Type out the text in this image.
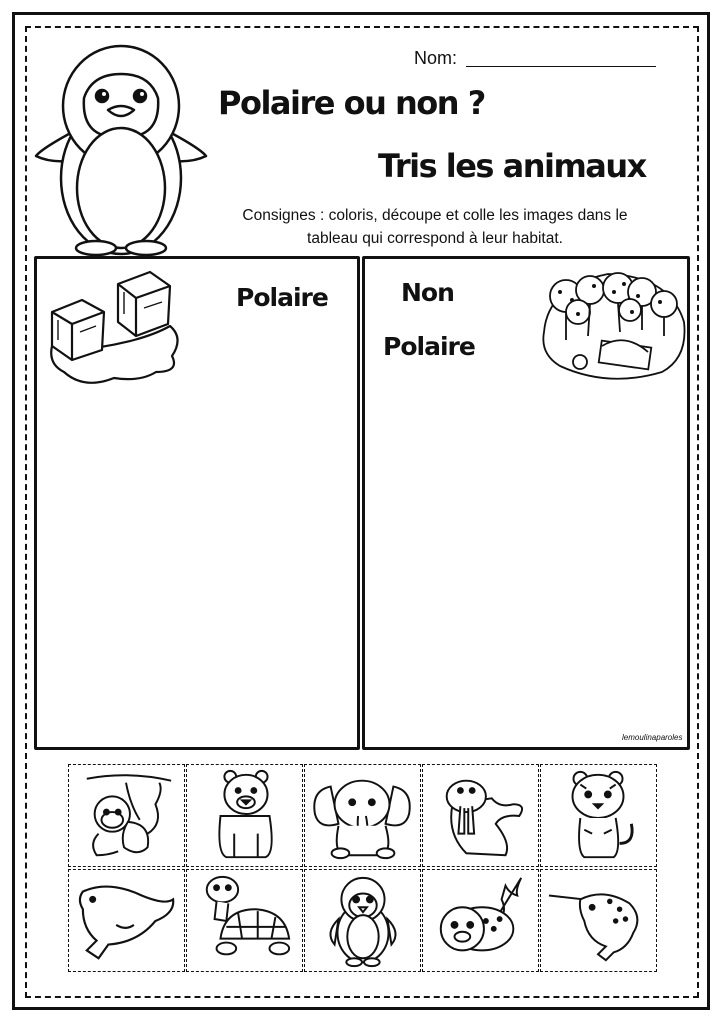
Nom:
Polaire ou non ?
Tris les animaux
Consignes : coloris, découpe et colle les images dans le
tableau qui correspond à leur habitat.
Polaire	Non
Polaire
lemoulinaparoles
